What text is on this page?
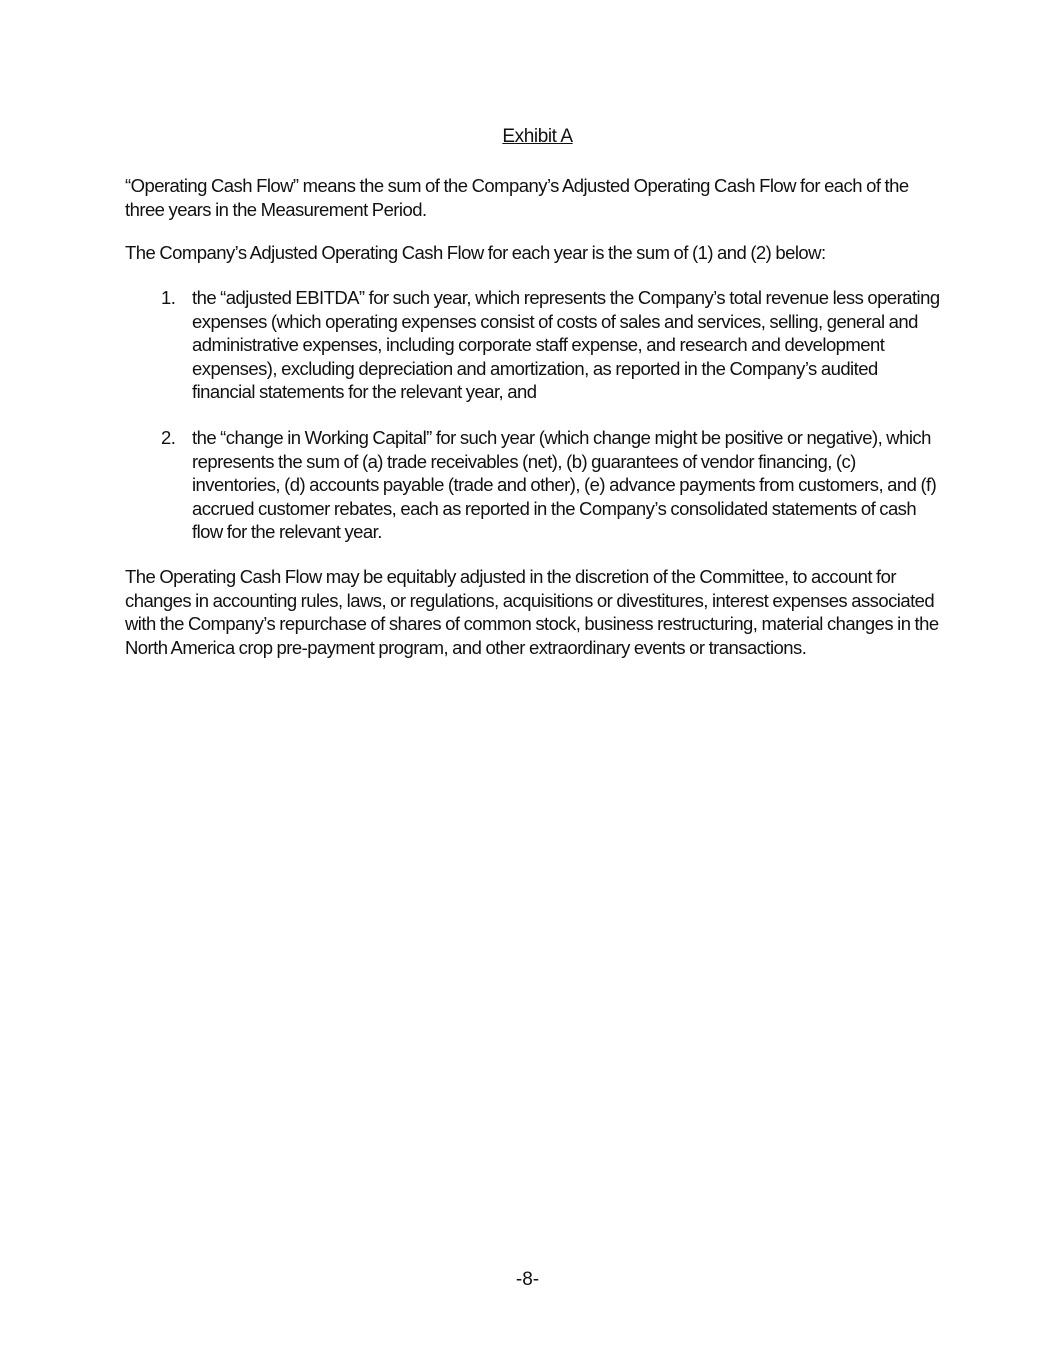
Exhibit A

“Operating Cash Flow” means the sum of the Company’s Adjusted Operating Cash Flow for each of the three years in the Measurement Period.

The Company’s Adjusted Operating Cash Flow for each year is the sum of (1) and (2) below:

1. the “adjusted EBITDA” for such year, which represents the Company’s total revenue less operating expenses (which operating expenses consist of costs of sales and services, selling, general and administrative expenses, including corporate staff expense, and research and development expenses), excluding depreciation and amortization, as reported in the Company’s audited financial statements for the relevant year, and
2. the “change in Working Capital” for such year (which change might be positive or negative), which represents the sum of (a) trade receivables (net), (b) guarantees of vendor financing, (c) inventories, (d) accounts payable (trade and other), (e) advance payments from customers, and (f) accrued customer rebates, each as reported in the Company’s consolidated statements of cash flow for the relevant year.

The Operating Cash Flow may be equitably adjusted in the discretion of the Committee, to account for changes in accounting rules, laws, or regulations, acquisitions or divestitures, interest expenses associated with the Company’s repurchase of shares of common stock, business restructuring, material changes in the North America crop pre-payment program, and other extraordinary events or transactions.

-8-
